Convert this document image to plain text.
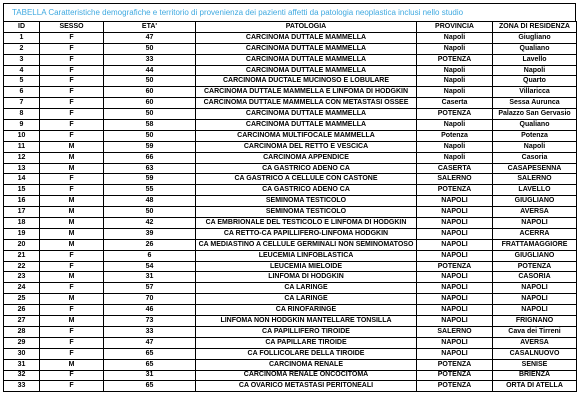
TABELLA Caratteristiche demografiche e territorio di provenienza dei pazienti affetti da patologia neoplastica inclusi nello studio
ID	SESSO	ETA'	PATOLOGIA	PROVINCIA	ZONA DI RESIDENZA
1	F	47	CARCINOMA DUTTALE MAMMELLA	Napoli	Giugliano
2	F	50	CARCINOMA DUTTALE MAMMELLA	Napoli	Qualiano
3	F	33	CARCINOMA DUTTALE MAMMELLA	POTENZA	Lavello
4	F	44	CARCINOMA DUTTALE MAMMELLA	Napoli	Napoli
5	F	50	CARCINOMA DUCTALE MUCINOSO E LOBULARE	Napoli	Quarto
6	F	60	CARCINOMA DUTTALE MAMMELLA E LINFOMA DI HODGKIN	Napoli	Villaricca
7	F	60	CARCINOMA DUTTALE MAMMELLA CON METASTASI OSSEE	Caserta	Sessa Aurunca
8	F	50	CARCINOMA DUTTALE MAMMELLA	POTENZA	Palazzo San Gervasio
9	F	58	CARCINOMA DUTTALE MAMMELLA	Napoli	Qualiano
10	F	50	CARCINOMA MULTIFOCALE MAMMELLA	Potenza	Potenza
11	M	59	CARCINOMA DEL RETTO E VESCICA	Napoli	Napoli
12	M	66	CARCINOMA APPENDICE	Napoli	Casoria
13	M	63	CA GASTRICO ADENO CA	CASERTA	CASAPESENNA
14	F	59	CA GASTRICO A CELLULE CON CASTONE	SALERNO	SALERNO
15	F	55	CA GASTRICO ADENO CA	POTENZA	LAVELLO
16	M	48	SEMINOMA TESTICOLO	NAPOLI	GIUGLIANO
17	M	50	SEMINOMA TESTICOLO	NAPOLI	AVERSA
18	M	42	CA EMBRIONALE DEL TESTICOLO E LINFOMA DI HODGKIN	NAPOLI	NAPOLI
19	M	39	CA RETTO-CA PAPILLIFERO-LINFOMA HODGKIN	NAPOLI	ACERRA
20	M	26	CA MEDIASTINO A CELLULE GERMINALI NON SEMINOMATOSO	NAPOLI	FRATTAMAGGIORE
21	F	6	LEUCEMIA LINFOBLASTICA	NAPOLI	GIUGLIANO
22	F	54	LEUCEMIA MIELOIDE	POTENZA	POTENZA
23	M	31	LINFOMA DI HODGKIN	NAPOLI	CASORIA
24	F	57	CA LARINGE	NAPOLI	NAPOLI
25	M	70	CA LARINGE	NAPOLI	NAPOLI
26	F	46	CA RINOFARINGE	NAPOLI	NAPOLI
27	M	73	LINFOMA NON HODGKIN MANTELLARE TONSILLA	NAPOLI	FRIGNANO
28	F	33	CA PAPILLIFERO TIROIDE	SALERNO	Cava dei Tirreni
29	F	47	CA PAPILLARE TIROIDE	NAPOLI	AVERSA
30	F	65	CA FOLLICOLARE DELLA TIROIDE	NAPOLI	CASALNUOVO
31	M	65	CARCINOMA RENALE	POTENZA	SENISE
32	F	31	CARCINOMA RENALE ONCOCITOMA	POTENZA	BRIENZA
33	F	65	CA OVARICO METASTASI PERITONEALI	POTENZA	ORTA DI ATELLA
